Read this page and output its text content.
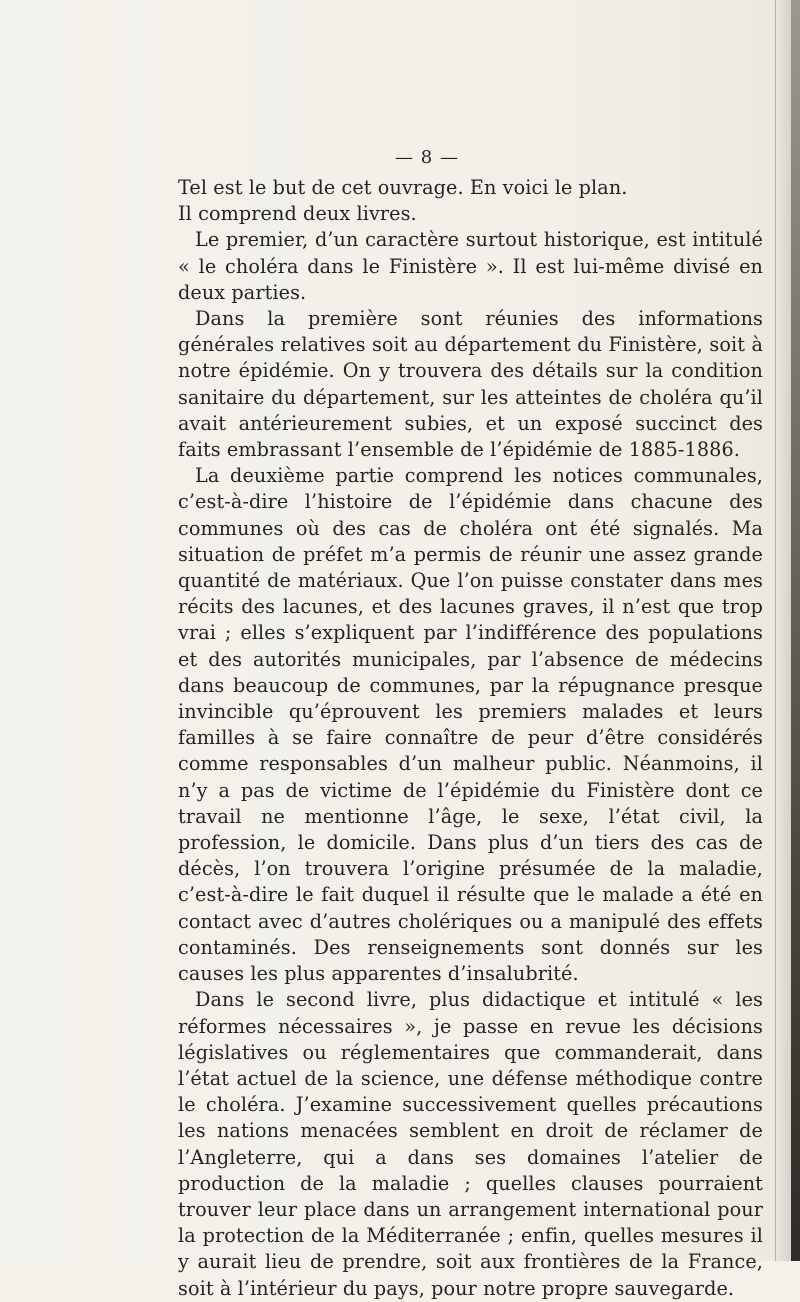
— 8 —

Tel est le but de cet ouvrage. En voici le plan.

Il comprend deux livres.

Le premier, d’un caractère surtout historique, est intitulé « le choléra dans le Finistère ». Il est lui-même divisé en deux parties.

Dans la première sont réunies des informations générales relatives soit au département du Finistère, soit à notre épidémie. On y trouvera des détails sur la condition sanitaire du département, sur les atteintes de choléra qu’il avait antérieurement subies, et un exposé succinct des faits embrassant l’ensemble de l’épidémie de 1885-1886.

La deuxième partie comprend les notices communales, c’est-à-dire l’histoire de l’épidémie dans chacune des communes où des cas de choléra ont été signalés. Ma situation de préfet m’a permis de réunir une assez grande quantité de matériaux. Que l’on puisse constater dans mes récits des lacunes, et des lacunes graves, il n’est que trop vrai ; elles s’expliquent par l’indifférence des populations et des autorités municipales, par l’absence de médecins dans beaucoup de communes, par la répugnance presque invincible qu’éprouvent les premiers malades et leurs familles à se faire connaître de peur d’être considérés comme responsables d’un malheur public. Néanmoins, il n’y a pas de victime de l’épidémie du Finistère dont ce travail ne mentionne l’âge, le sexe, l’état civil, la profession, le domicile. Dans plus d’un tiers des cas de décès, l’on trouvera l’origine présumée de la maladie, c’est-à-dire le fait duquel il résulte que le malade a été en contact avec d’autres cholériques ou a manipulé des effets contaminés. Des renseignements sont donnés sur les causes les plus apparentes d’insalubrité.

Dans le second livre, plus didactique et intitulé « les réformes nécessaires », je passe en revue les décisions législatives ou réglementaires que commanderait, dans l’état actuel de la science, une défense méthodique contre le choléra. J’examine successivement quelles précautions les nations menacées semblent en droit de réclamer de l’Angleterre, qui a dans ses domaines l’atelier de production de la maladie ; quelles clauses pourraient trouver leur place dans un arrangement international pour la protection de la Méditerranée ; enfin, quelles mesures il y aurait lieu de prendre, soit aux frontières de la France, soit à l’intérieur du pays, pour notre propre sauvegarde.
